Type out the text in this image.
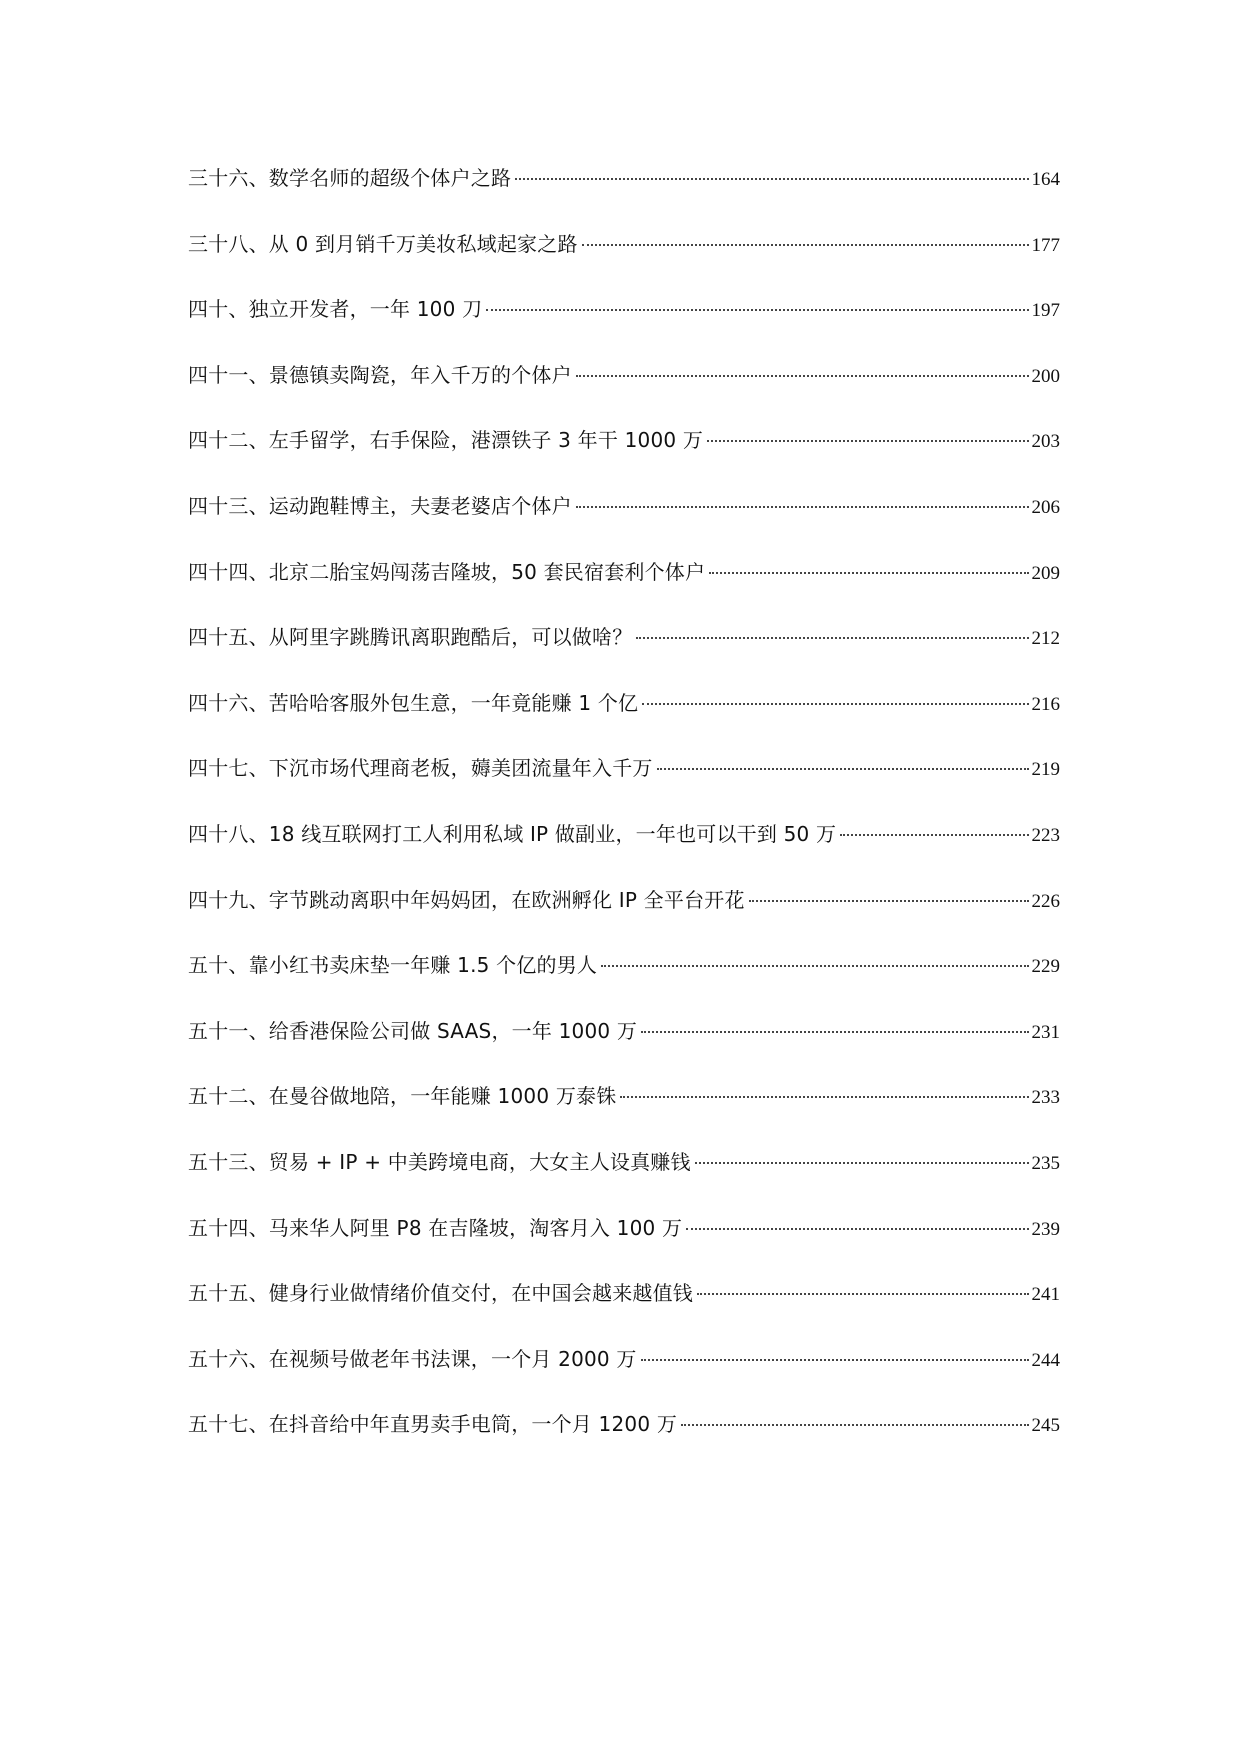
三十六、数学名师的超级个体户之路	164
三十八、从 0 到月销千万美妆私域起家之路	177
四十、独立开发者，一年 100 刀	197
四十一、景德镇卖陶瓷，年入千万的个体户	200
四十二、左手留学，右手保险，港漂铁子 3 年干 1000 万	203
四十三、运动跑鞋博主，夫妻老婆店个体户	206
四十四、北京二胎宝妈闯荡吉隆坡，50 套民宿套利个体户	209
四十五、从阿里字跳腾讯离职跑酷后，可以做啥？	212
四十六、苦哈哈客服外包生意，一年竟能赚 1 个亿	216
四十七、下沉市场代理商老板，薅美团流量年入千万	219
四十八、18 线互联网打工人利用私域 IP 做副业，一年也可以干到 50 万	223
四十九、字节跳动离职中年妈妈团，在欧洲孵化 IP 全平台开花	226
五十、靠小红书卖床垫一年赚 1.5 个亿的男人	229
五十一、给香港保险公司做 SAAS，一年 1000 万	231
五十二、在曼谷做地陪，一年能赚 1000 万泰铢	233
五十三、贸易 + IP + 中美跨境电商，大女主人设真赚钱	235
五十四、马来华人阿里 P8 在吉隆坡，淘客月入 100 万	239
五十五、健身行业做情绪价值交付，在中国会越来越值钱	241
五十六、在视频号做老年书法课，一个月 2000 万	244
五十七、在抖音给中年直男卖手电筒，一个月 1200 万	245
